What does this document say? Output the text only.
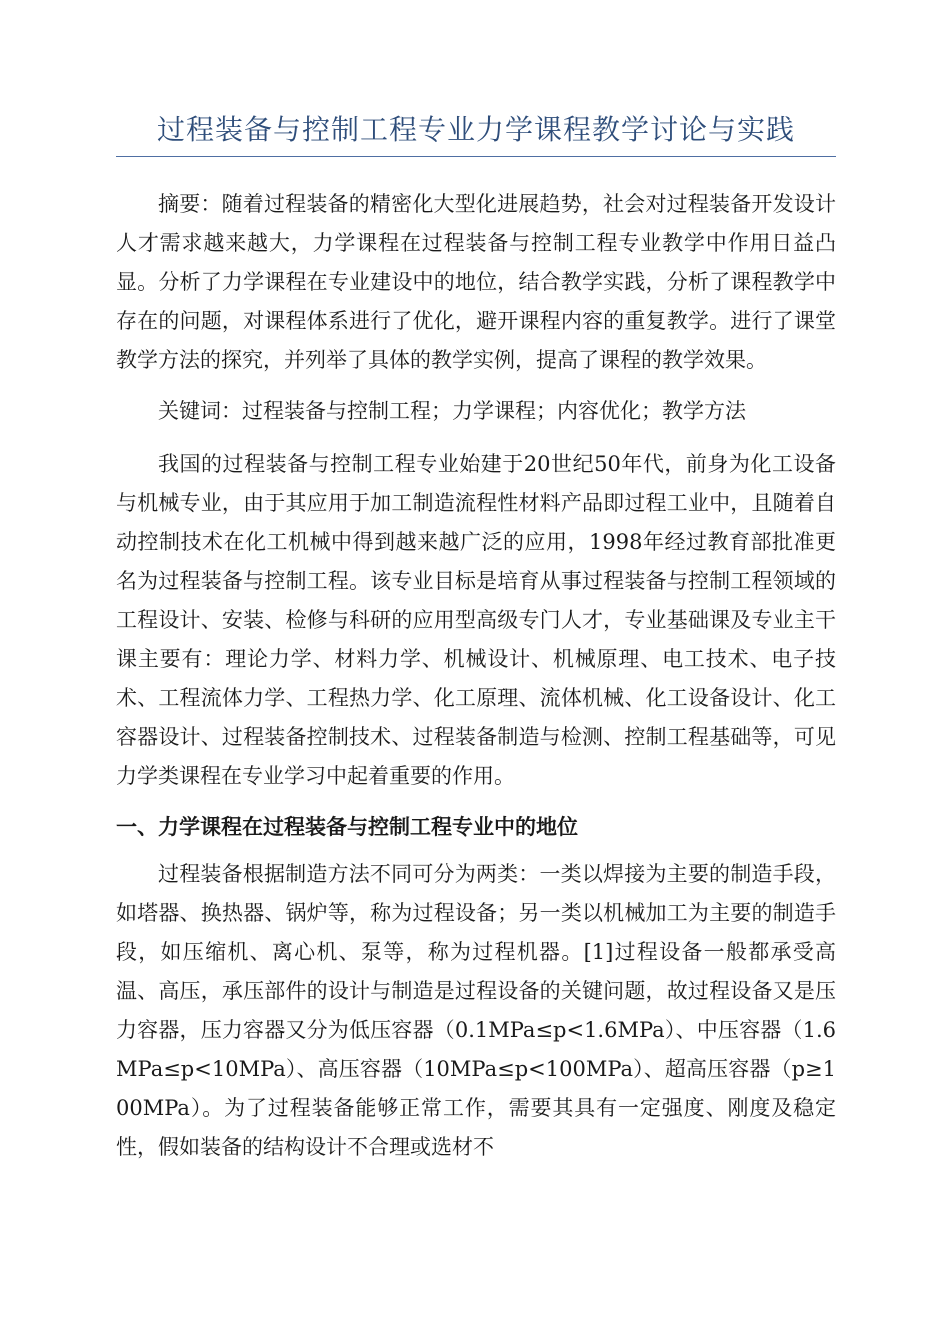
过程装备与控制工程专业力学课程教学讨论与实践

摘要：随着过程装备的精密化大型化进展趋势，社会对过程装备开发设计人才需求越来越大，力学课程在过程装备与控制工程专业教学中作用日益凸显。分析了力学课程在专业建设中的地位，结合教学实践，分析了课程教学中存在的问题，对课程体系进行了优化，避开课程内容的重复教学。进行了课堂教学方法的探究，并列举了具体的教学实例，提高了课程的教学效果。

关键词：过程装备与控制工程；力学课程；内容优化；教学方法

我国的过程装备与控制工程专业始建于20世纪50年代，前身为化工设备与机械专业，由于其应用于加工制造流程性材料产品即过程工业中，且随着自动控制技术在化工机械中得到越来越广泛的应用，1998年经过教育部批准更名为过程装备与控制工程。该专业目标是培育从事过程装备与控制工程领域的工程设计、安装、检修与科研的应用型高级专门人才，专业基础课及专业主干课主要有：理论力学、材料力学、机械设计、机械原理、电工技术、电子技术、工程流体力学、工程热力学、化工原理、流体机械、化工设备设计、化工容器设计、过程装备控制技术、过程装备制造与检测、控制工程基础等，可见力学类课程在专业学习中起着重要的作用。

一、力学课程在过程装备与控制工程专业中的地位

过程装备根据制造方法不同可分为两类：一类以焊接为主要的制造手段，如塔器、换热器、锅炉等，称为过程设备；另一类以机械加工为主要的制造手段，如压缩机、离心机、泵等，称为过程机器。[1]过程设备一般都承受高温、高压，承压部件的设计与制造是过程设备的关键问题，故过程设备又是压力容器，压力容器又分为低压容器（0.1MPa≤p<1.6MPa）、中压容器（1.6MPa≤p<10MPa）、高压容器（10MPa≤p<100MPa）、超高压容器（p≥100MPa）。为了过程装备能够正常工作，需要其具有一定强度、刚度及稳定性，假如装备的结构设计不合理或选材不
